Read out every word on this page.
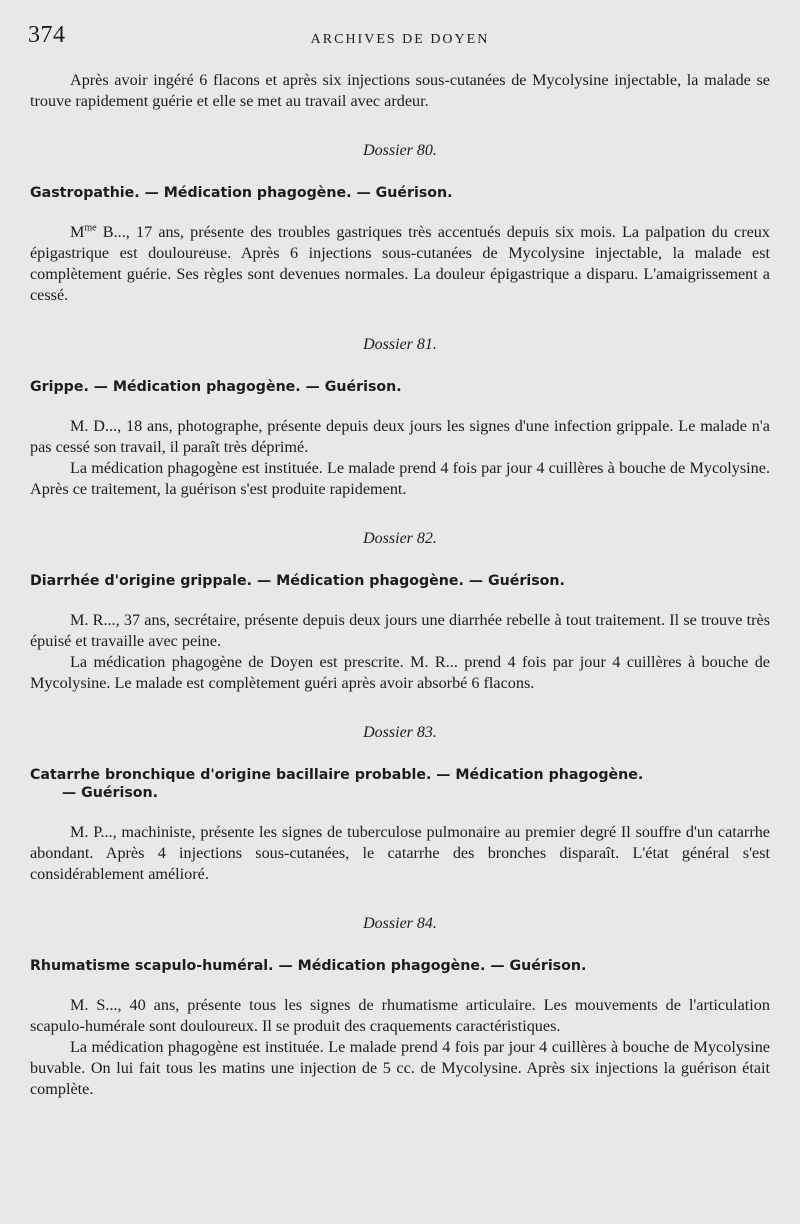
374	ARCHIVES DE DOYEN

Après avoir ingéré 6 flacons et après six injections sous-cutanées de Mycolysine injectable, la malade se trouve rapidement guérie et elle se met au travail avec ardeur.

Dossier 80.
Gastropathie. — Médication phagogène. — Guérison.

$M^{me}$ B..., 17 ans, présente des troubles gastriques très accentués depuis six mois. La palpation du creux épigastrique est douloureuse. Après 6 injections sous-cutanées de Mycolysine injectable, la malade est complètement guérie. Ses règles sont devenues normales. La douleur épigastrique a disparu. L'amaigrissement a cessé.

Dossier 81.
Grippe. — Médication phagogène. — Guérison.

M. D..., 18 ans, photographe, présente depuis deux jours les signes d'une infection grippale. Le malade n'a pas cessé son travail, il paraît très déprimé.

La médication phagogène est instituée. Le malade prend 4 fois par jour 4 cuillères à bouche de Mycolysine. Après ce traitement, la guérison s'est produite rapidement.

Dossier 82.
Diarrhée d'origine grippale. — Médication phagogène. — Guérison.

M. R..., 37 ans, secrétaire, présente depuis deux jours une diarrhée rebelle à tout traitement. Il se trouve très épuisé et travaille avec peine.

La médication phagogène de Doyen est prescrite. M. R... prend 4 fois par jour 4 cuillères à bouche de Mycolysine. Le malade est complètement guéri après avoir absorbé 6 flacons.

Dossier 83.
Catarrhe bronchique d'origine bacillaire probable. — Médication phagogène.
— Guérison.

M. P..., machiniste, présente les signes de tuberculose pulmonaire au premier degré Il souffre d'un catarrhe abondant. Après 4 injections sous-cutanées, le catarrhe des bronches disparaît. L'état général s'est considérablement amélioré.

Dossier 84.
Rhumatisme scapulo-huméral. — Médication phagogène. — Guérison.

M. S..., 40 ans, présente tous les signes de rhumatisme articulaire. Les mouvements de l'articulation scapulo-humérale sont douloureux. Il se produit des craquements caractéristiques.

La médication phagogène est instituée. Le malade prend 4 fois par jour 4 cuillères à bouche de Mycolysine buvable. On lui fait tous les matins une injection de 5 cc. de Mycolysine. Après six injections la guérison était complète.
